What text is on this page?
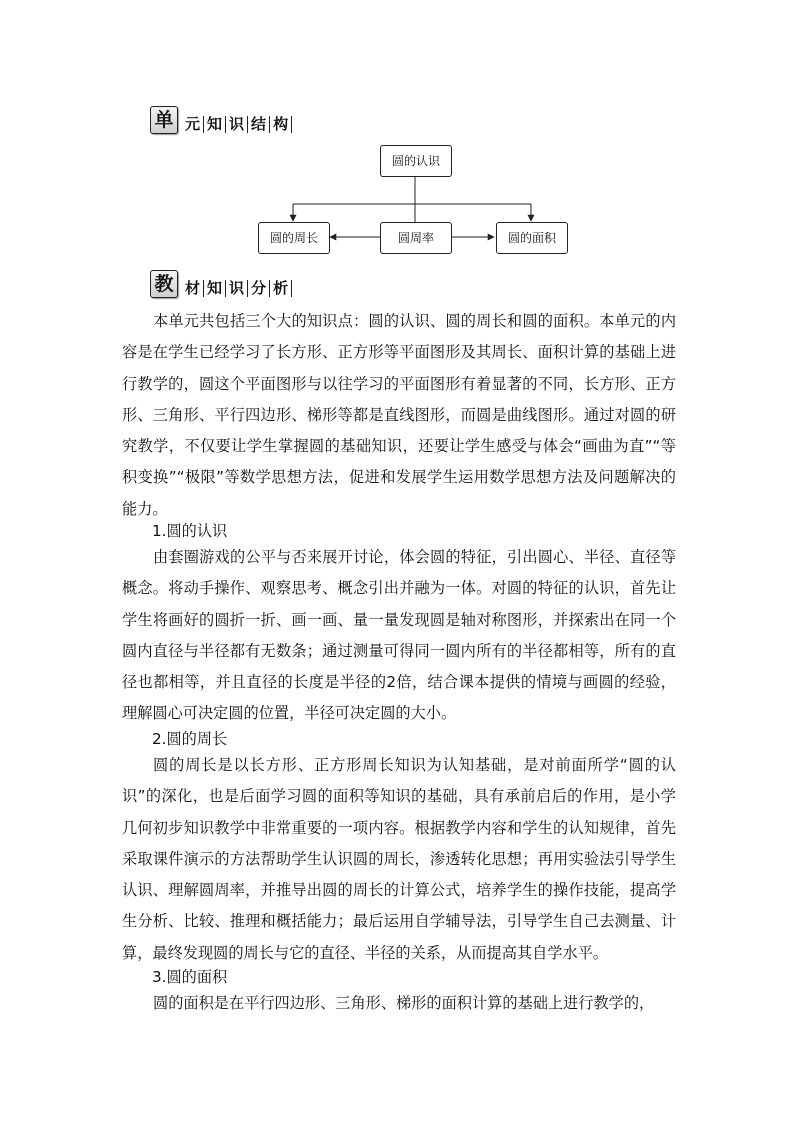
单 元 知 识 结 构
圆的认识
圆的周长	圆周率	圆的面积
教 材 知 识 分 析

本单元共包括三个大的知识点：圆的认识、圆的周长和圆的面积。本单元的内容是在学生已经学习了长方形、正方形等平面图形及其周长、面积计算的基础上进行教学的，圆这个平面图形与以往学习的平面图形有着显著的不同，长方形、正方形、三角形、平行四边形、梯形等都是直线图形，而圆是曲线图形。通过对圆的研究教学，不仅要让学生掌握圆的基础知识，还要让学生感受与体会“画曲为直”“等积变换”“极限”等数学思想方法，促进和发展学生运用数学思想方法及问题解决的能力。

1.圆的认识

由套圈游戏的公平与否来展开讨论，体会圆的特征，引出圆心、半径、直径等概念。将动手操作、观察思考、概念引出并融为一体。对圆的特征的认识，首先让学生将画好的圆折一折、画一画、量一量发现圆是轴对称图形，并探索出在同一个圆内直径与半径都有无数条；通过测量可得同一圆内所有的半径都相等，所有的直径也都相等，并且直径的长度是半径的2倍，结合课本提供的情境与画圆的经验，理解圆心可决定圆的位置，半径可决定圆的大小。

2.圆的周长

圆的周长是以长方形、正方形周长知识为认知基础，是对前面所学“圆的认识”的深化，也是后面学习圆的面积等知识的基础，具有承前启后的作用，是小学几何初步知识教学中非常重要的一项内容。根据教学内容和学生的认知规律，首先采取课件演示的方法帮助学生认识圆的周长，渗透转化思想；再用实验法引导学生认识、理解圆周率，并推导出圆的周长的计算公式，培养学生的操作技能，提高学生分析、比较、推理和概括能力；最后运用自学辅导法，引导学生自己去测量、计算，最终发现圆的周长与它的直径、半径的关系，从而提高其自学水平。

3.圆的面积

圆的面积是在平行四边形、三角形、梯形的面积计算的基础上进行教学的，
